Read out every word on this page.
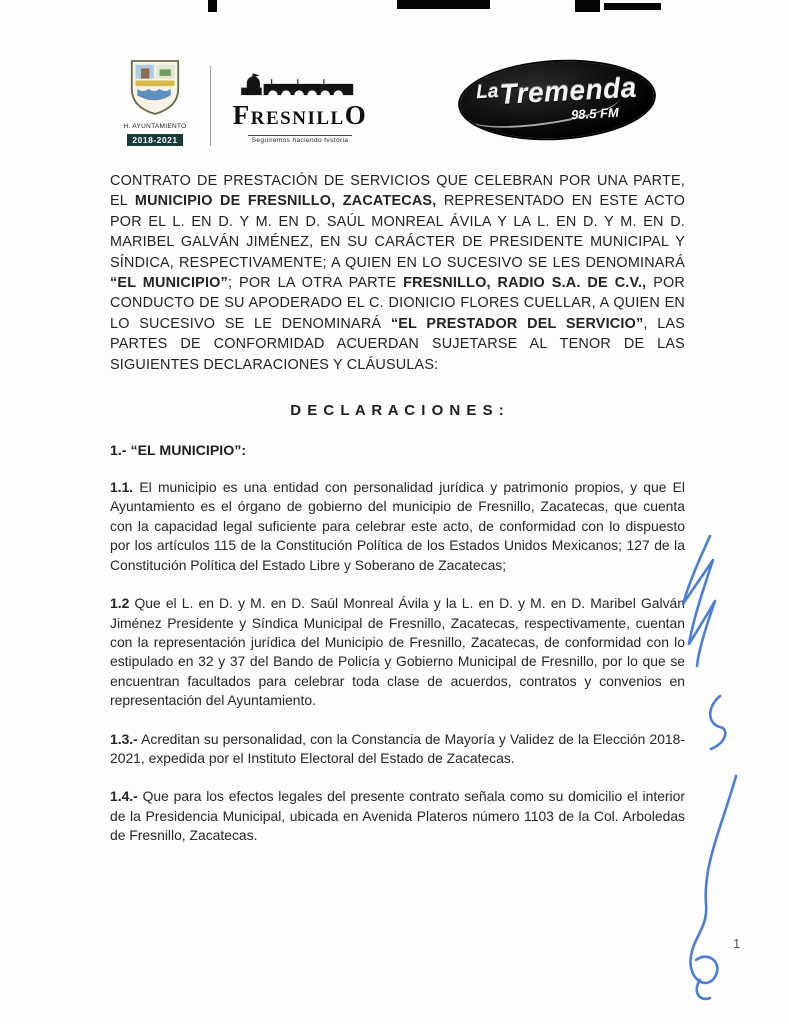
H. AYUNTAMIENTO
2018-2021
FRESNILLO
Seguiremos haciendo historia
LaTremenda
98.5 FM

CONTRATO DE PRESTACIÓN DE SERVICIOS QUE CELEBRAN POR UNA PARTE, EL MUNICIPIO DE FRESNILLO, ZACATECAS, REPRESENTADO EN ESTE ACTO POR EL L. EN D. Y M. EN D. SAÚL MONREAL ÁVILA Y LA L. EN D. Y M. EN D. MARIBEL GALVÁN JIMÉNEZ, EN SU CARÁCTER DE PRESIDENTE MUNICIPAL Y SÍNDICA, RESPECTIVAMENTE; A QUIEN EN LO SUCESIVO SE LES DENOMINARÁ “EL MUNICIPIO”; POR LA OTRA PARTE FRESNILLO, RADIO S.A. DE C.V., POR CONDUCTO DE SU APODERADO EL C. DIONICIO FLORES CUELLAR, A QUIEN EN LO SUCESIVO SE LE DENOMINARÁ “EL PRESTADOR DEL SERVICIO”, LAS PARTES DE CONFORMIDAD ACUERDAN SUJETARSE AL TENOR DE LAS SIGUIENTES DECLARACIONES Y CLÁUSULAS:

D E C L A R A C I O N E S :

1.- “EL MUNICIPIO”:

1.1. El municipio es una entidad con personalidad jurídica y patrimonio propios, y que El Ayuntamiento es el órgano de gobierno del municipio de Fresnillo, Zacatecas, que cuenta con la capacidad legal suficiente para celebrar este acto, de conformidad con lo dispuesto por los artículos 115 de la Constitución Política de los Estados Unidos Mexicanos; 127 de la Constitución Política del Estado Libre y Soberano de Zacatecas;

1.2 Que el L. en D. y M. en D. Saúl Monreal Ávila y la L. en D. y M. en D. Maribel Galván Jiménez Presidente y Síndica Municipal de Fresnillo, Zacatecas, respectivamente, cuentan con la representación jurídica del Municipio de Fresnillo, Zacatecas, de conformidad con lo estipulado en 32 y 37 del Bando de Policía y Gobierno Municipal de Fresnillo, por lo que se encuentran facultados para celebrar toda clase de acuerdos, contratos y convenios en representación del Ayuntamiento.

1.3.- Acreditan su personalidad, con la Constancia de Mayoría y Validez de la Elección 2018-2021, expedida por el Instituto Electoral del Estado de Zacatecas.

1.4.- Que para los efectos legales del presente contrato señala como su domicilio el interior de la Presidencia Municipal, ubicada en Avenida Plateros número 1103 de la Col. Arboledas de Fresnillo, Zacatecas.

1
